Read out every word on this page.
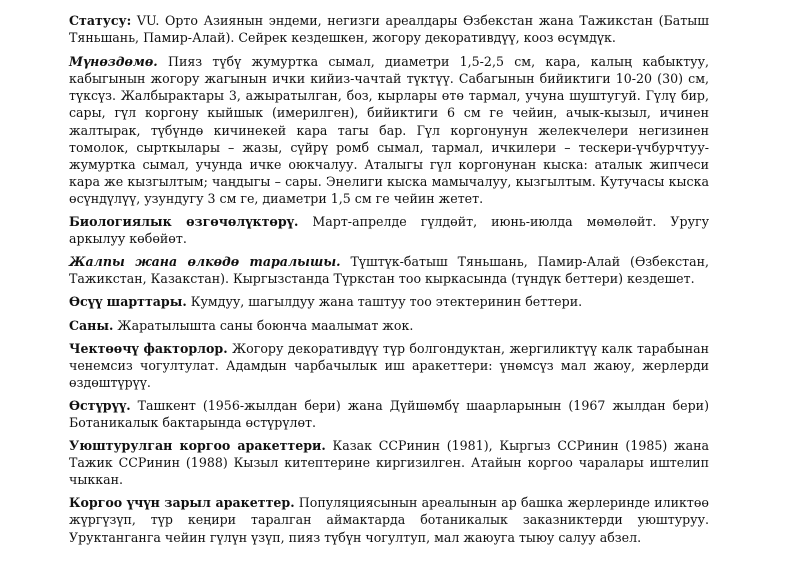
Статусу: VU. Орто Азиянын эндеми, негизги ареалдары Өзбекстан жана Тажикстан (Батыш Тяньшань, Памир-Алай). Сейрек кездешкен, жогору декоративдүү, кооз өсүмдүк.

Мүнөздөмө. Пияз түбү жумуртка сымал, диаметри 1,5-2,5 см, кара, калың кабыктуу, кабыгынын жогору жагынын ички кийиз-чачтай түктүү. Сабагынын бийиктиги 10-20 (30) см, түксүз. Жалбырактары 3, ажыратылган, боз, кырлары өтө тармал, учуна шуштугуй. Гүлү бир, сары, гүл коргону кыйшык (имерилген), бийиктиги 6 см ге чейин, ачык-кызыл, ичинен жалтырак, түбүндө кичинекей кара тагы бар. Гүл коргонунун желекчелери негизинен томолок, сырткылары – жазы, сүйрү ромб сымал, тармал, ичкилери – тескери-үчбурчтуу-жумуртка сымал, учунда ичке оюкчалуу. Аталыгы гүл коргонунан кыска: аталык жипчеси кара же кызгылтым; чаңдыгы – сары. Энелиги кыска мамычалуу, кызгылтым. Кутучасы кыска өсүндүлүү, узундугу 3 см ге, диаметри 1,5 см ге чейин жетет.

Биологиялык өзгөчөлүктөрү. Март-апрелде гүлдөйт, июнь-июлда мөмөлөйт. Уругу аркылуу көбөйөт.

Жалпы жана өлкөдө таралышы. Түштүк-батыш Тяньшань, Памир-Алай (Өзбекстан, Тажикстан, Казакстан). Кыргызстанда Түркстан тоо кыркасында (түндүк беттери) кездешет.

Өсүү шарттары. Кумдуу, шагылдуу жана таштуу тоо этектеринин беттери.

Саны. Жаратылышта саны боюнча маалымат жок.

Чектөөчү факторлор. Жогору декоративдүү түр болгондуктан, жергиликтүү калк тарабынан ченемсиз чогултулат. Адамдын чарбачылык иш аракеттери: үнөмсүз мал жаюу, жерлерди өздөштүрүү.

Өстүрүү. Ташкент (1956-жылдан бери) жана Дүйшөмбү шаарларынын (1967 жылдан бери) Ботаникалык бактарында өстүрүлөт.

Уюштурулган коргоо аракеттери. Казак ССРинин (1981), Кыргыз ССРинин (1985) жана Тажик ССРинин (1988) Кызыл китептерине киргизилген. Атайын коргоо чаралары иштелип чыккан.

Коргоо үчүн зарыл аракеттер. Популяциясынын ареалынын ар башка жерлеринде иликтөө жүргүзүп, түр кеңири таралган аймактарда ботаникалык заказниктерди уюштуруу. Уруктанганга чейин гүлүн үзүп, пияз түбүн чогултуп, мал жаюуга тыюу салуу абзел.
